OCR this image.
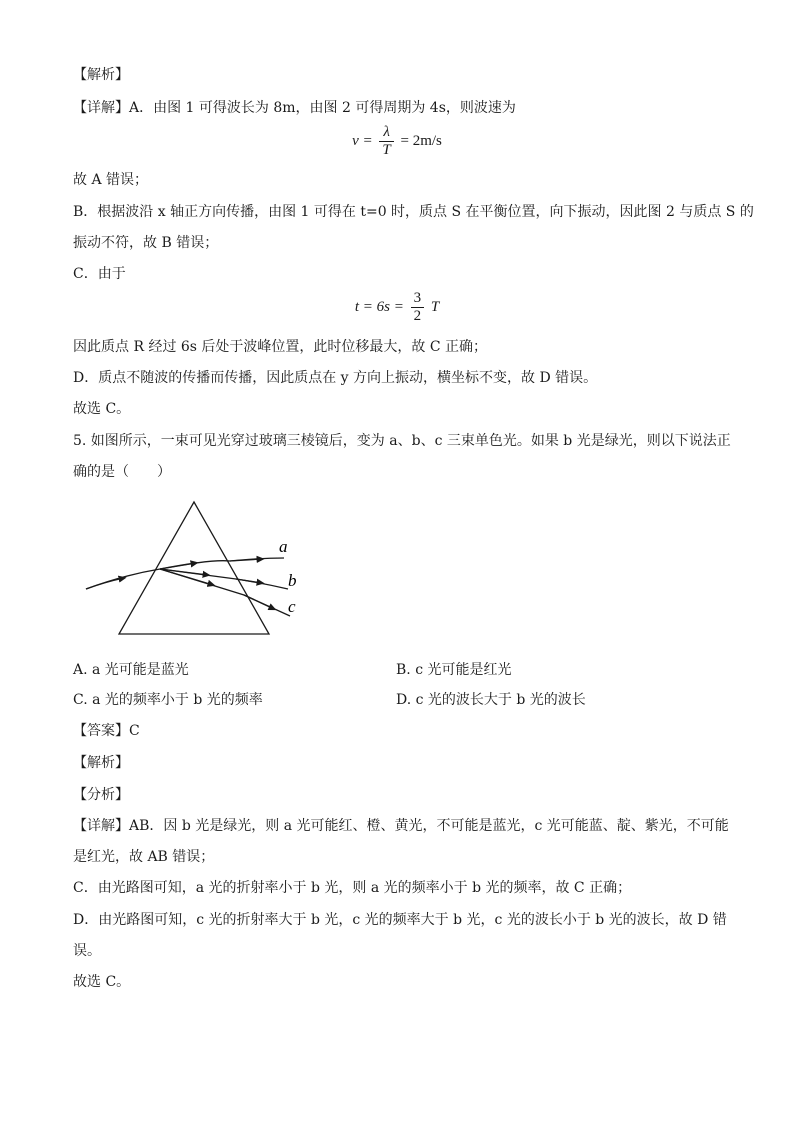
【解析】
【详解】A．由图 1 可得波长为 8m，由图 2 可得周期为 4s，则波速为
$v = \frac{\lambda}{T} = 2m/s$
故 A 错误；
B．根据波沿 x 轴正方向传播，由图 1 可得在 t=0 时，质点 S 在平衡位置，向下振动，因此图 2 与质点 S 的
振动不符，故 B 错误；
C．由于
$t = 6s = \frac{3}{2}$ T
因此质点 R 经过 6s 后处于波峰位置，此时位移最大，故 C 正确；
D．质点不随波的传播而传播，因此质点在 y 方向上振动，横坐标不变，故 D 错误。
故选 C。
5. 如图所示，一束可见光穿过玻璃三棱镜后，变为 a、b、c 三束单色光。如果 b 光是绿光，则以下说法正
确的是（　　）
a
b
c
A. a 光可能是蓝光	B. c 光可能是红光
C. a 光的频率小于 b 光的频率	D. c 光的波长大于 b 光的波长
【答案】C
【解析】
【分析】
【详解】AB．因 b 光是绿光，则 a 光可能红、橙、黄光，不可能是蓝光，c 光可能蓝、靛、紫光，不可能
是红光，故 AB 错误；
C．由光路图可知，a 光的折射率小于 b 光，则 a 光的频率小于 b 光的频率，故 C 正确；
D．由光路图可知，c 光的折射率大于 b 光，c 光的频率大于 b 光，c 光的波长小于 b 光的波长，故 D 错
误。
故选 C。
